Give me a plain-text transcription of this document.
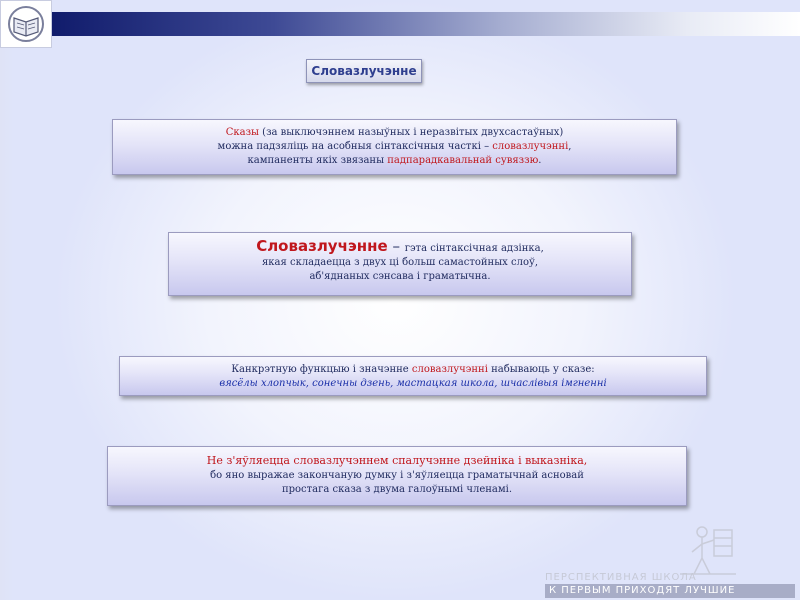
Словазлучэнне
Сказы (за выключэннем назыўных і неразвітых двухсастаўных)
можна падзяліць на асобныя сінтаксічныя часткі – словазлучэнні,
кампаненты якіх звязаны падпарадкавальнай сувяззю.
Словазлучэнне – гэта сінтаксічная адзінка,
якая складаецца з двух ці больш самастойных слоў,
аб'яднаных сэнсава і граматычна.
Канкрэтную функцыю і значэнне словазлучэнні набываюць у сказе:
вясёлы хлопчык, сонечны дзень, мастацкая школа, шчаслівыя імгненні
Не з'яўляецца словазлучэннем спалучэнне дзейніка і выказніка,
бо яно выражае закончаную думку і з'яўляецца граматычнай асновай
простага сказа з двума галоўнымі членамі.
ПЕРСПЕКТИВНАЯ ШКОЛА
К ПЕРВЫМ ПРИХОДЯТ ЛУЧШИЕ
